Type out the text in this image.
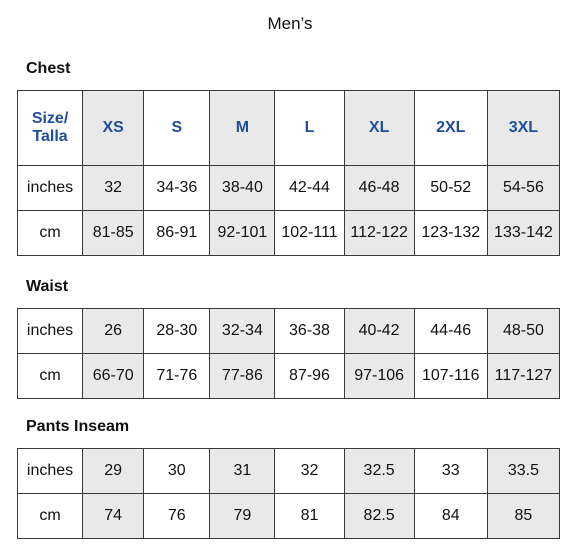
Men’s
Chest
Size/
Talla	XS	S	M	L	XL	2XL	3XL
inches	32	34-36	38-40	42-44	46-48	50-52	54-56
cm	81-85	86-91	92-101	102-111	112-122	123-132	133-142
Waist
inches	26	28-30	32-34	36-38	40-42	44-46	48-50
cm	66-70	71-76	77-86	87-96	97-106	107-116	117-127
Pants Inseam
inches	29	30	31	32	32.5	33	33.5
cm	74	76	79	81	82.5	84	85
